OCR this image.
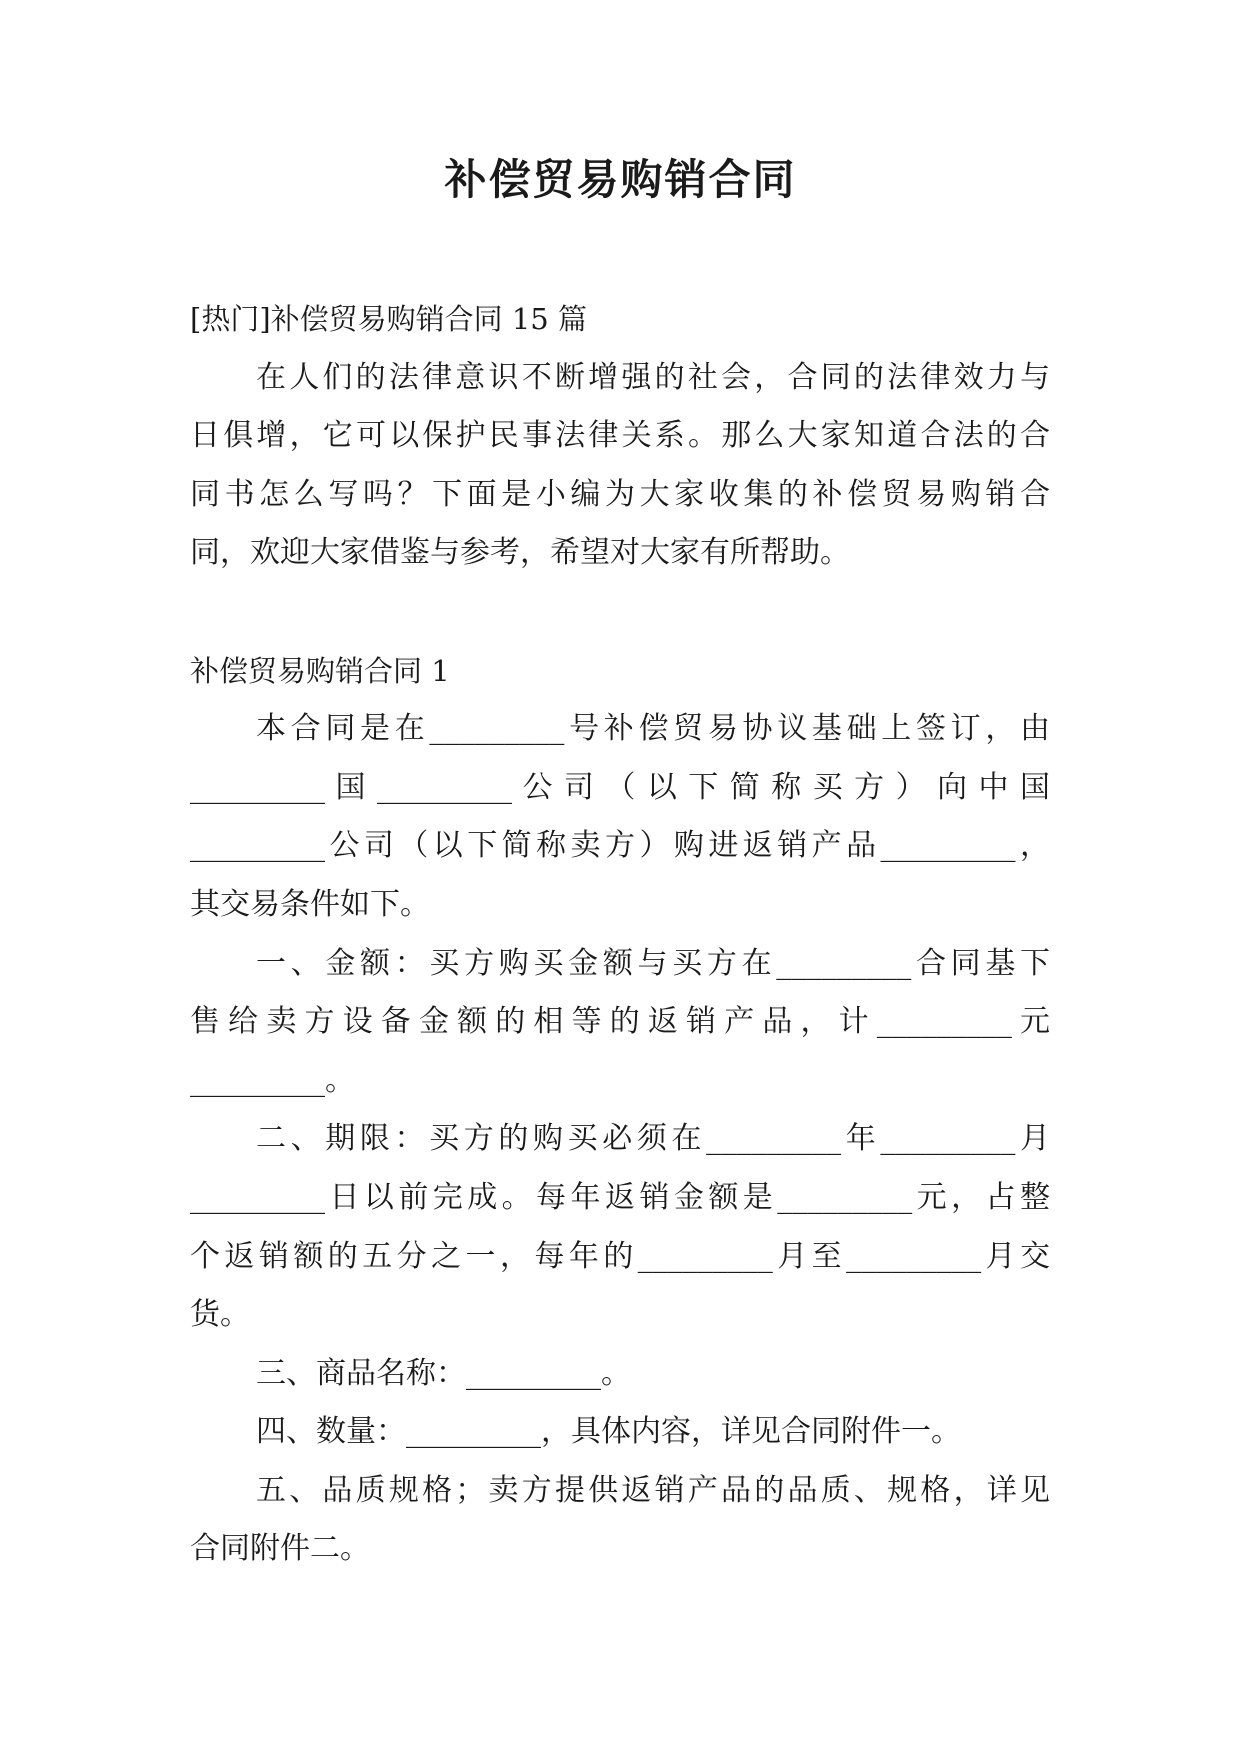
补偿贸易购销合同
[热门]补偿贸易购销合同 15 篇
在人们的法律意识不断增强的社会，合同的法律效力与
日俱增，它可以保护民事法律关系。那么大家知道合法的合
同书怎么写吗？下面是小编为大家收集的补偿贸易购销合
同，欢迎大家借鉴与参考，希望对大家有所帮助。
补偿贸易购销合同 1
本合同是在_________号补偿贸易协议基础上签订，由
_________ 国 _________ 公 司 （ 以 下 简 称 买 方 ） 向 中 国
_________公司（以下简称卖方）购进返销产品_________，
其交易条件如下。
一、金额：买方购买金额与买方在_________合同基下
售给卖方设备金额的相等的返销产品，计_________元
_________。
二、期限：买方的购买必须在_________年_________月
_________日以前完成。每年返销金额是_________元，占整
个返销额的五分之一，每年的_________月至_________月交
货。
三、商品名称：_________。
四、数量：_________，具体内容，详见合同附件一。
五、品质规格；卖方提供返销产品的品质、规格，详见
合同附件二。
